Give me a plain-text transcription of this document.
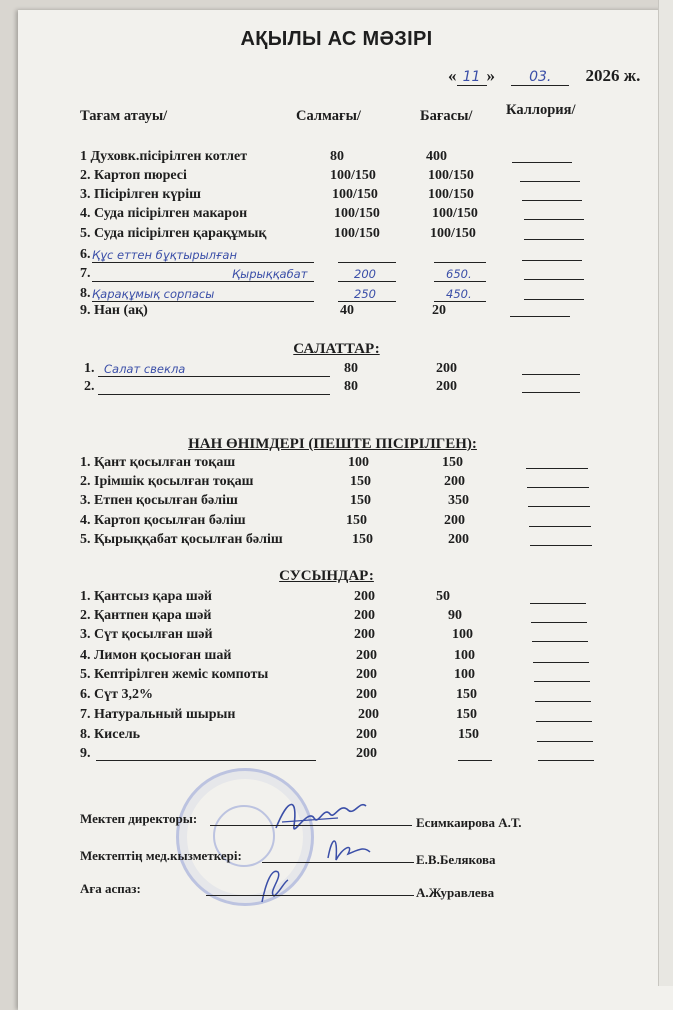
АҚЫЛЫ АС МӘЗІРІ
« 11 » 03. 2026 ж.
Тағам атауы/	Салмағы/	Бағасы/ Каллория/
1 Духовк.пісірілген котлет	80	400
2. Картоп пюресі	100/150	100/150
3. Пісірілген күріш	100/150	100/150
4. Суда пісірілген макарон	100/150	100/150
5. Суда пісірілген қарақұмық	100/150	100/150
6. Құс еттен бұқтырылған
7.	Қырыққабат	200	650.
8. Қарақұмық сорпасы	250	450.
9. Нан (ақ)	40	20
САЛАТТАР:
1. Салат свекла	80	200
2.	80	200
НАН ӨНІМДЕРІ (ПЕШТЕ ПІСІРІЛГЕН):
1. Қант қосылған тоқаш	100	150
2. Ірімшік қосылған тоқаш	150	200
3. Етпен қосылған бәліш	150	350
4. Картоп қосылған бәліш	150	200
5. Қырыққабат қосылған бәліш	150	200
СУСЫНДАР:
1. Қантсыз қара шәй	200	50
2. Қантпен қара шәй	200	90
3. Сүт қосылған шәй	200	100
4. Лимон қосыоған шай	200	100
5. Кептірілген жеміс компоты	200	100
6. Сүт 3,2%	200	150
7. Натуральный шырын	200	150
8. Кисель	200	150
9.	200
Мектеп директоры:	Есимкаирова А.Т.
Мектептің мед.кызметкері:	Е.В.Белякова
Аға аспаз:	А.Журавлева
